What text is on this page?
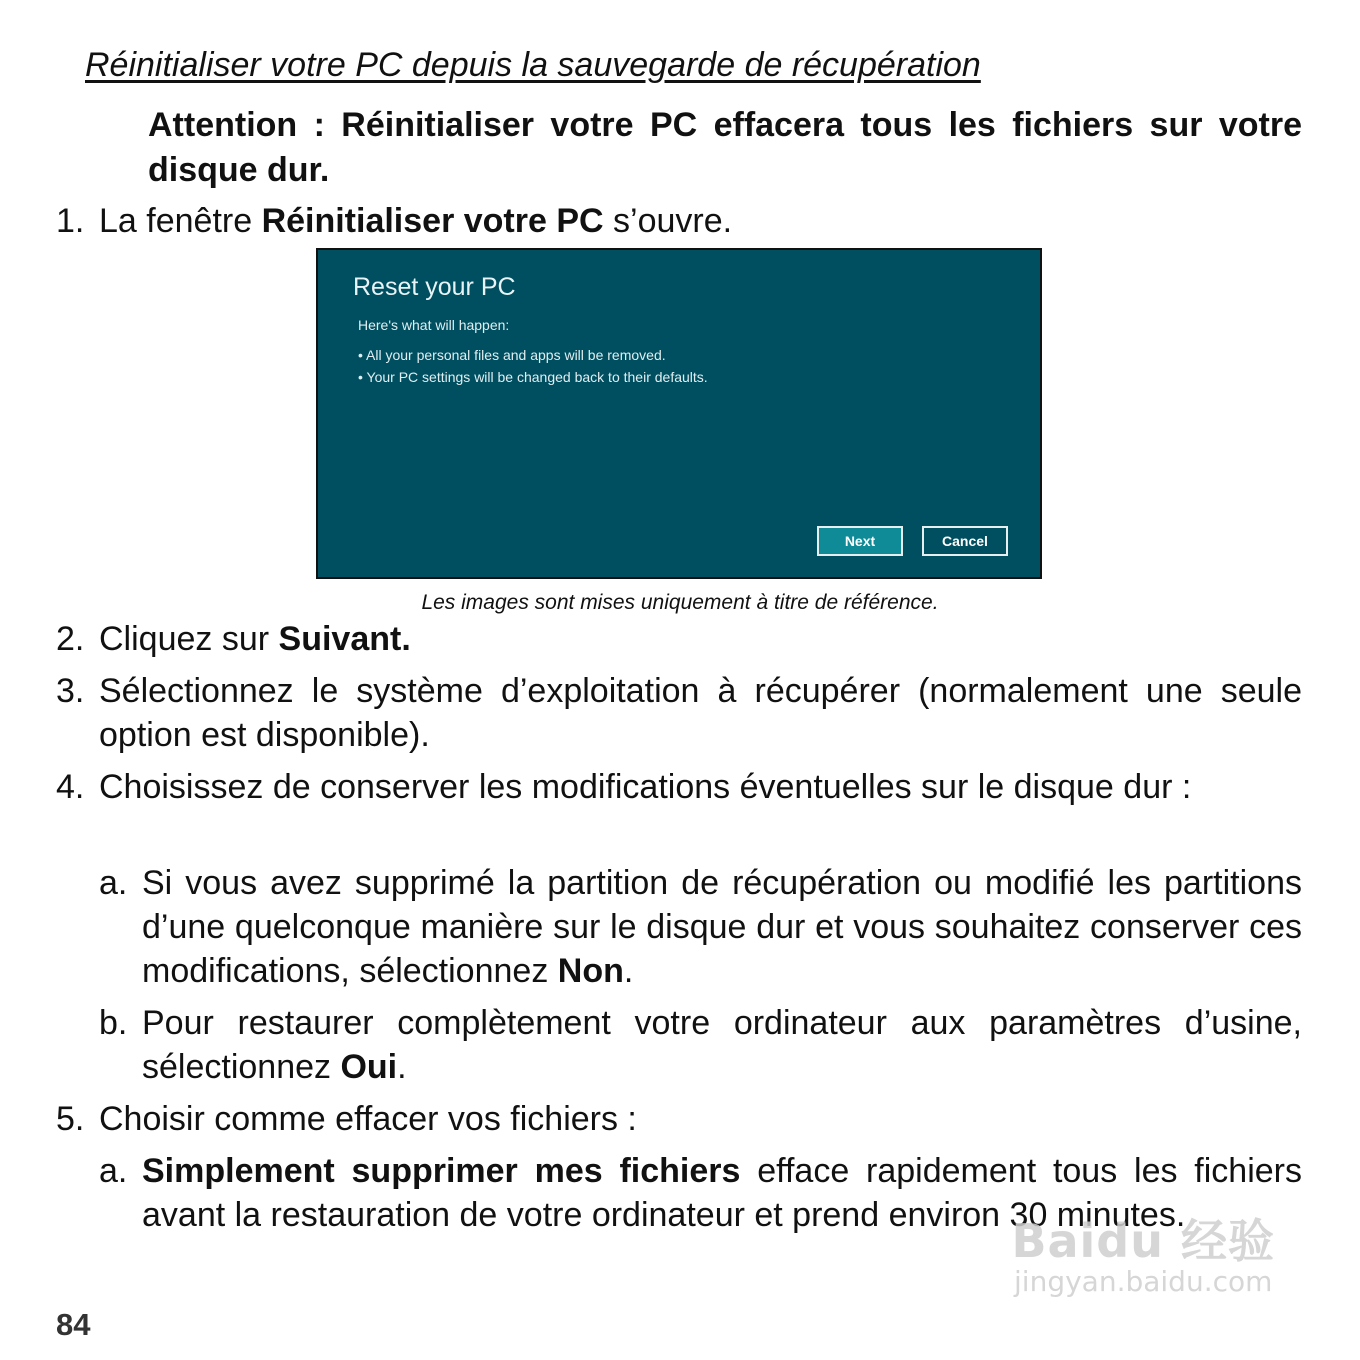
Réinitialiser votre PC depuis la sauvegarde de récupération
Attention : Réinitialiser votre PC effacera tous les fichiers sur votre disque dur.
1. La fenêtre Réinitialiser votre PC s’ouvre.
Reset your PC
Here's what will happen:
• All your personal files and apps will be removed.
• Your PC settings will be changed back to their defaults.
Next	Cancel
Les images sont mises uniquement à titre de référence.
2. Cliquez sur Suivant.
3. Sélectionnez le système d’exploitation à récupérer (normalement une seule option est disponible).
4. Choisissez de conserver les modifications éventuelles sur le disque dur :
a. Si vous avez supprimé la partition de récupération ou modifié les partitions d’une quelconque manière sur le disque dur et vous souhaitez conserver ces modifications, sélectionnez Non.
b. Pour restaurer complètement votre ordinateur aux paramètres d’usine, sélectionnez Oui.
5. Choisir comme effacer vos fichiers :
a. Simplement supprimer mes fichiers efface rapidement tous les fichiers avant la restauration de votre ordinateur et prend environ 30 minutes.
84
Baidu 经验
jingyan.baidu.com
